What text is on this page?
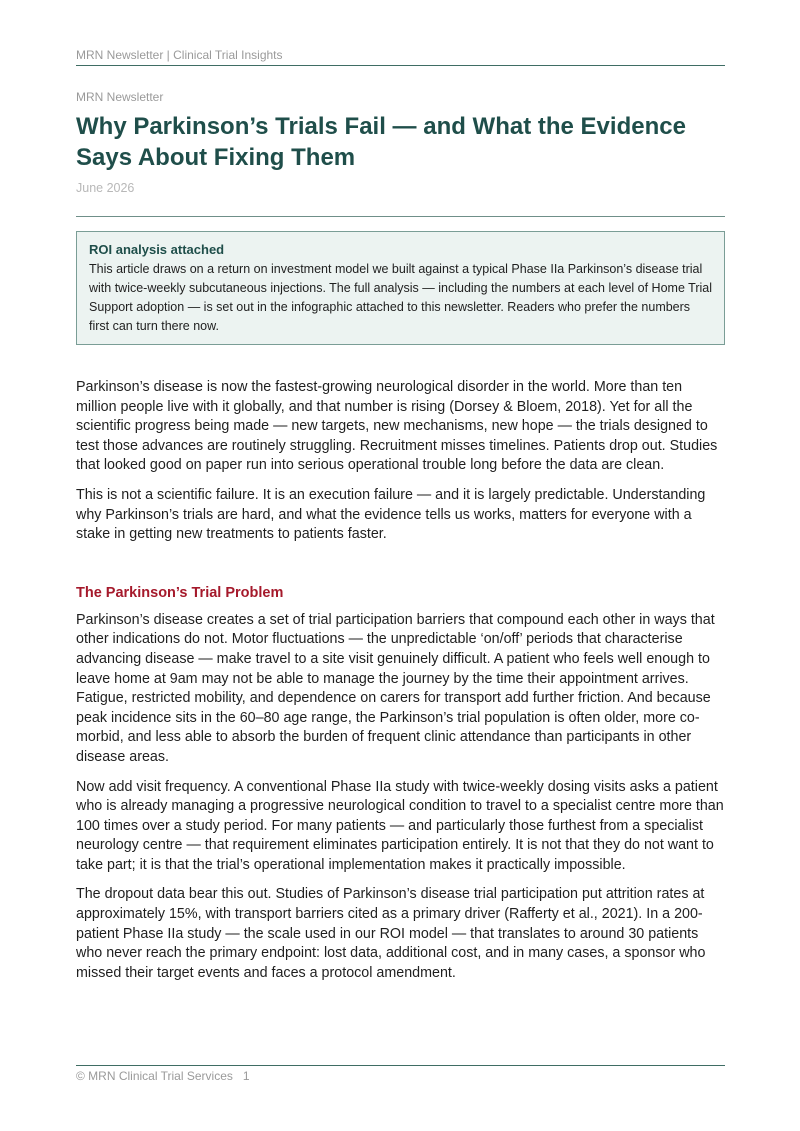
MRN Newsletter | Clinical Trial Insights
MRN Newsletter
Why Parkinson’s Trials Fail — and What the Evidence Says About Fixing Them
June 2026
ROI analysis attached
This article draws on a return on investment model we built against a typical Phase IIa Parkinson’s disease trial with twice-weekly subcutaneous injections. The full analysis — including the numbers at each level of Home Trial Support adoption — is set out in the infographic attached to this newsletter. Readers who prefer the numbers first can turn there now.

Parkinson’s disease is now the fastest-growing neurological disorder in the world. More than ten million people live with it globally, and that number is rising (Dorsey & Bloem, 2018). Yet for all the scientific progress being made — new targets, new mechanisms, new hope — the trials designed to test those advances are routinely struggling. Recruitment misses timelines. Patients drop out. Studies that looked good on paper run into serious operational trouble long before the data are clean.

This is not a scientific failure. It is an execution failure — and it is largely predictable. Understanding why Parkinson’s trials are hard, and what the evidence tells us works, matters for everyone with a stake in getting new treatments to patients faster.

The Parkinson’s Trial Problem

Parkinson’s disease creates a set of trial participation barriers that compound each other in ways that other indications do not. Motor fluctuations — the unpredictable ‘on/off’ periods that characterise advancing disease — make travel to a site visit genuinely difficult. A patient who feels well enough to leave home at 9am may not be able to manage the journey by the time their appointment arrives. Fatigue, restricted mobility, and dependence on carers for transport add further friction. And because peak incidence sits in the 60–80 age range, the Parkinson’s trial population is often older, more co-morbid, and less able to absorb the burden of frequent clinic attendance than participants in other disease areas.

Now add visit frequency. A conventional Phase IIa study with twice-weekly dosing visits asks a patient who is already managing a progressive neurological condition to travel to a specialist centre more than 100 times over a study period. For many patients — and particularly those furthest from a specialist neurology centre — that requirement eliminates participation entirely. It is not that they do not want to take part; it is that the trial’s operational implementation makes it practically impossible.

The dropout data bear this out. Studies of Parkinson’s disease trial participation put attrition rates at approximately 15%, with transport barriers cited as a primary driver (Rafferty et al., 2021). In a 200-patient Phase IIa study — the scale used in our ROI model — that translates to around 30 patients who never reach the primary endpoint: lost data, additional cost, and in many cases, a sponsor who missed their target events and faces a protocol amendment.

© MRN Clinical Trial Services 1
